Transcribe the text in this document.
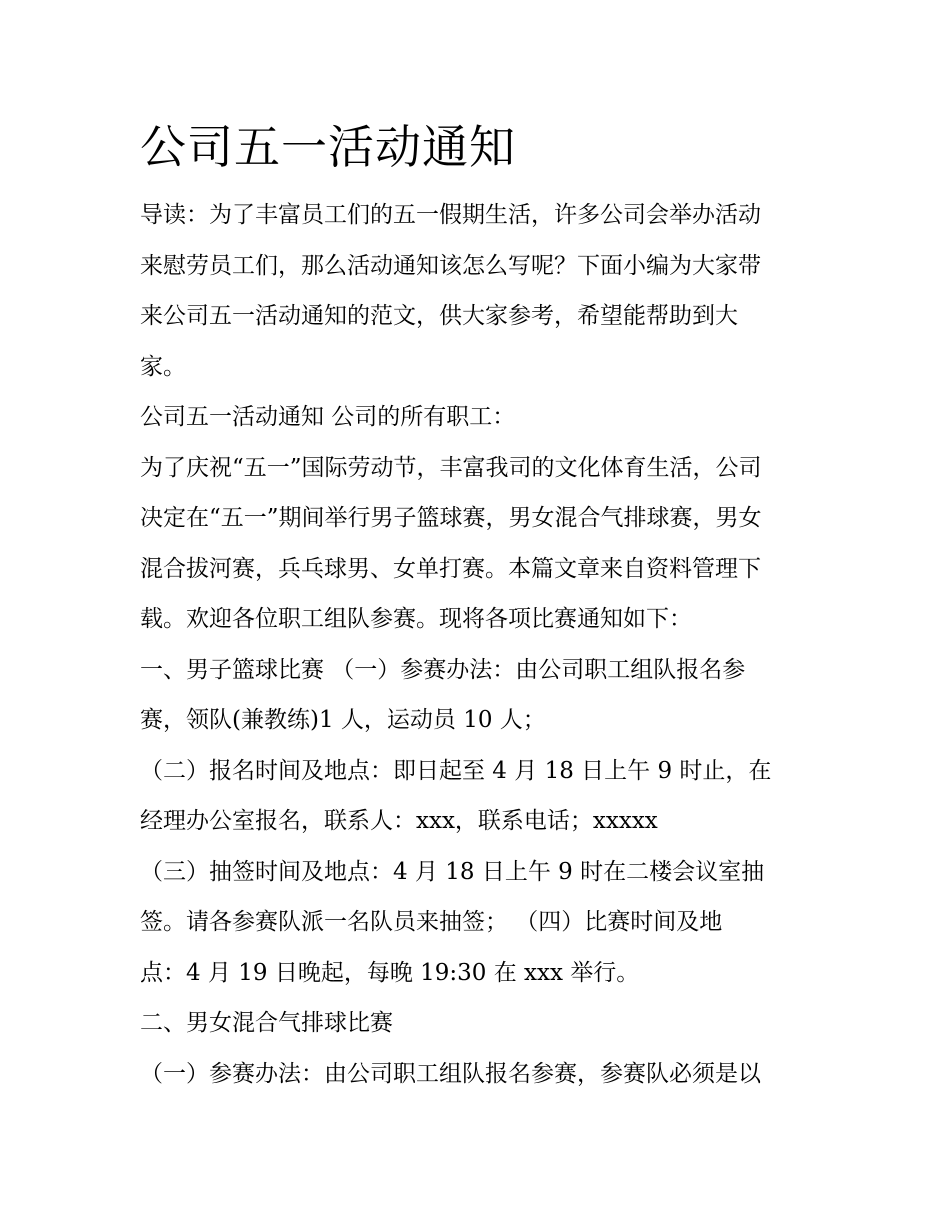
公司五一活动通知

导读：为了丰富员工们的五一假期生活，许多公司会举办活动
来慰劳员工们，那么活动通知该怎么写呢？下面小编为大家带
来公司五一活动通知的范文，供大家参考，希望能帮助到大
家。

公司五一活动通知 公司的所有职工：

为了庆祝“五一”国际劳动节，丰富我司的文化体育生活，公司
决定在“五一”期间举行男子篮球赛，男女混合气排球赛，男女
混合拔河赛，兵乓球男、女单打赛。本篇文章来自资料管理下
载。欢迎各位职工组队参赛。现将各项比赛通知如下：

一、男子篮球比赛 （一）参赛办法：由公司职工组队报名参
赛，领队(兼教练)1 人，运动员 10 人；

（二）报名时间及地点：即日起至 4 月 18 日上午 9 时止，在
经理办公室报名，联系人：xxx，联系电话；xxxxx

（三）抽签时间及地点：4 月 18 日上午 9 时在二楼会议室抽
签。请各参赛队派一名队员来抽签； （四）比赛时间及地
点：4 月 19 日晚起，每晚 19:30 在 xxx 举行。

二、男女混合气排球比赛

（一）参赛办法：由公司职工组队报名参赛，参赛队必须是以
